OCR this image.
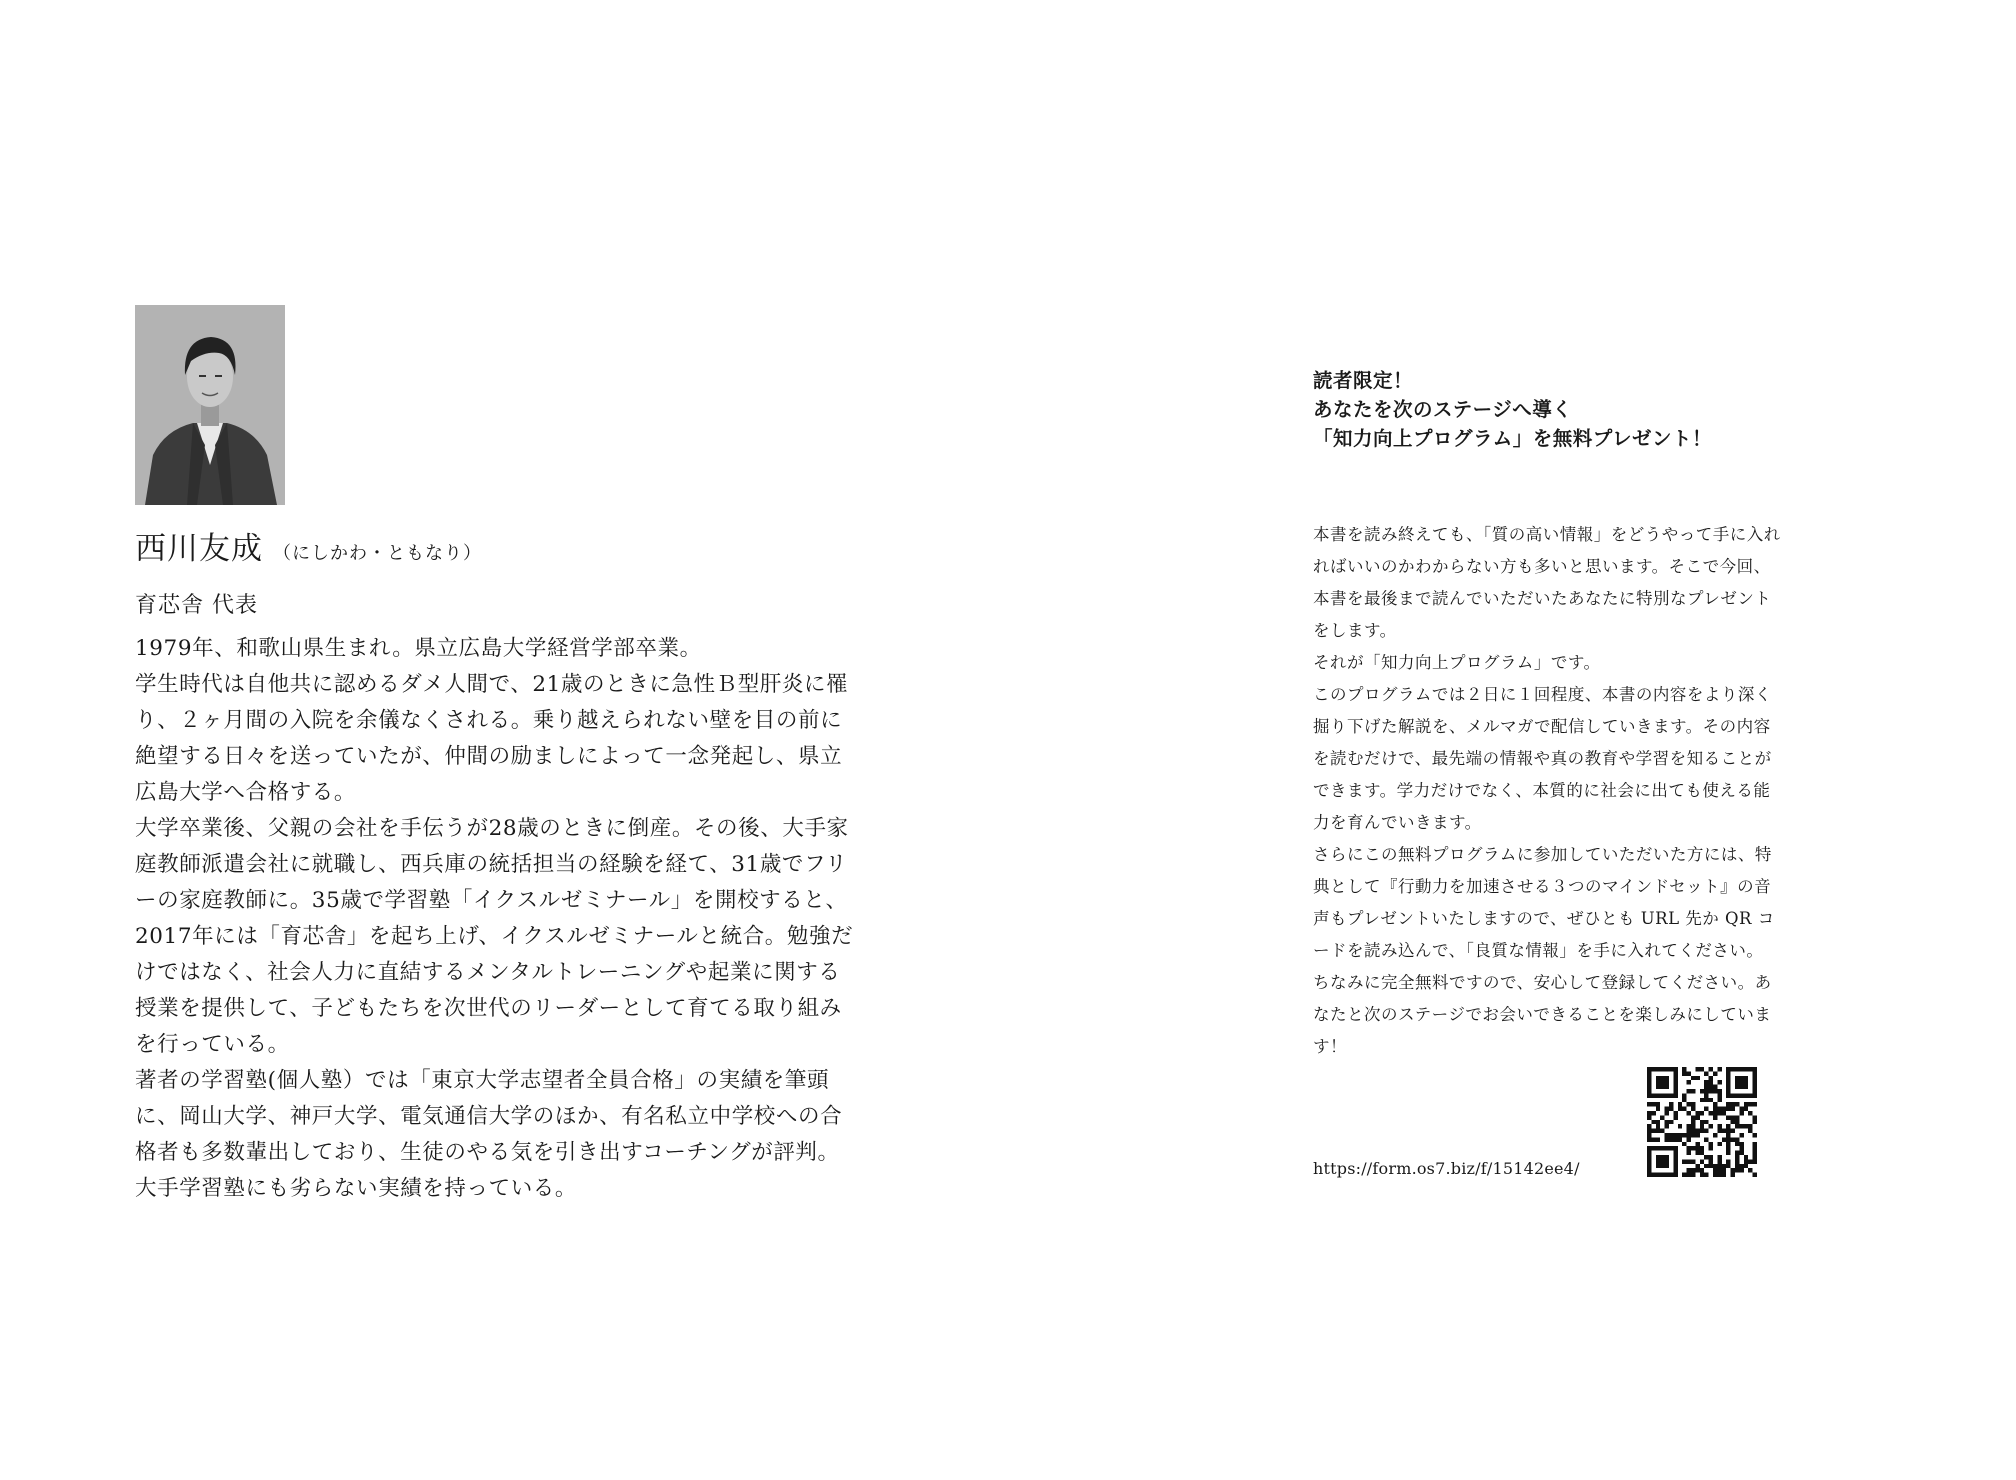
西川友成 （にしかわ・ともなり）
育芯舎 代表

1979年、和歌山県生まれ。県立広島大学経営学部卒業。

学生時代は自他共に認めるダメ人間で、21歳のときに急性Ｂ型肝炎に罹り、２ヶ月間の入院を余儀なくされる。乗り越えられない壁を目の前に絶望する日々を送っていたが、仲間の励ましによって一念発起し、県立広島大学へ合格する。

大学卒業後、父親の会社を手伝うが28歳のときに倒産。その後、大手家庭教師派遣会社に就職し、西兵庫の統括担当の経験を経て、31歳でフリーの家庭教師に。35歳で学習塾「イクスルゼミナール」を開校すると、2017年には「育芯舎」を起ち上げ、イクスルゼミナールと統合。勉強だけではなく、社会人力に直結するメンタルトレーニングや起業に関する授業を提供して、子どもたちを次世代のリーダーとして育てる取り組みを行っている。

著者の学習塾(個人塾）では「東京大学志望者全員合格」の実績を筆頭に、岡山大学、神戸大学、電気通信大学のほか、有名私立中学校への合格者も多数輩出しており、生徒のやる気を引き出すコーチングが評判。大手学習塾にも劣らない実績を持っている。

読者限定！

あなたを次のステージへ導く

「知力向上プログラム」を無料プレゼント！

本書を読み終えても、「質の高い情報」をどうやって手に入れればいいのかわからない方も多いと思います。そこで今回、本書を最後まで読んでいただいたあなたに特別なプレゼントをします。

それが「知力向上プログラム」です。

このプログラムでは２日に１回程度、本書の内容をより深く掘り下げた解説を、メルマガで配信していきます。その内容を読むだけで、最先端の情報や真の教育や学習を知ることができます。学力だけでなく、本質的に社会に出ても使える能力を育んでいきます。

さらにこの無料プログラムに参加していただいた方には、特典として『行動力を加速させる３つのマインドセット』の音声もプレゼントいたしますので、ぜひとも URL 先か QR コードを読み込んで、「良質な情報」を手に入れてください。

ちなみに完全無料ですので、安心して登録してください。あなたと次のステージでお会いできることを楽しみにしています！

https://form.os7.biz/f/15142ee4/
